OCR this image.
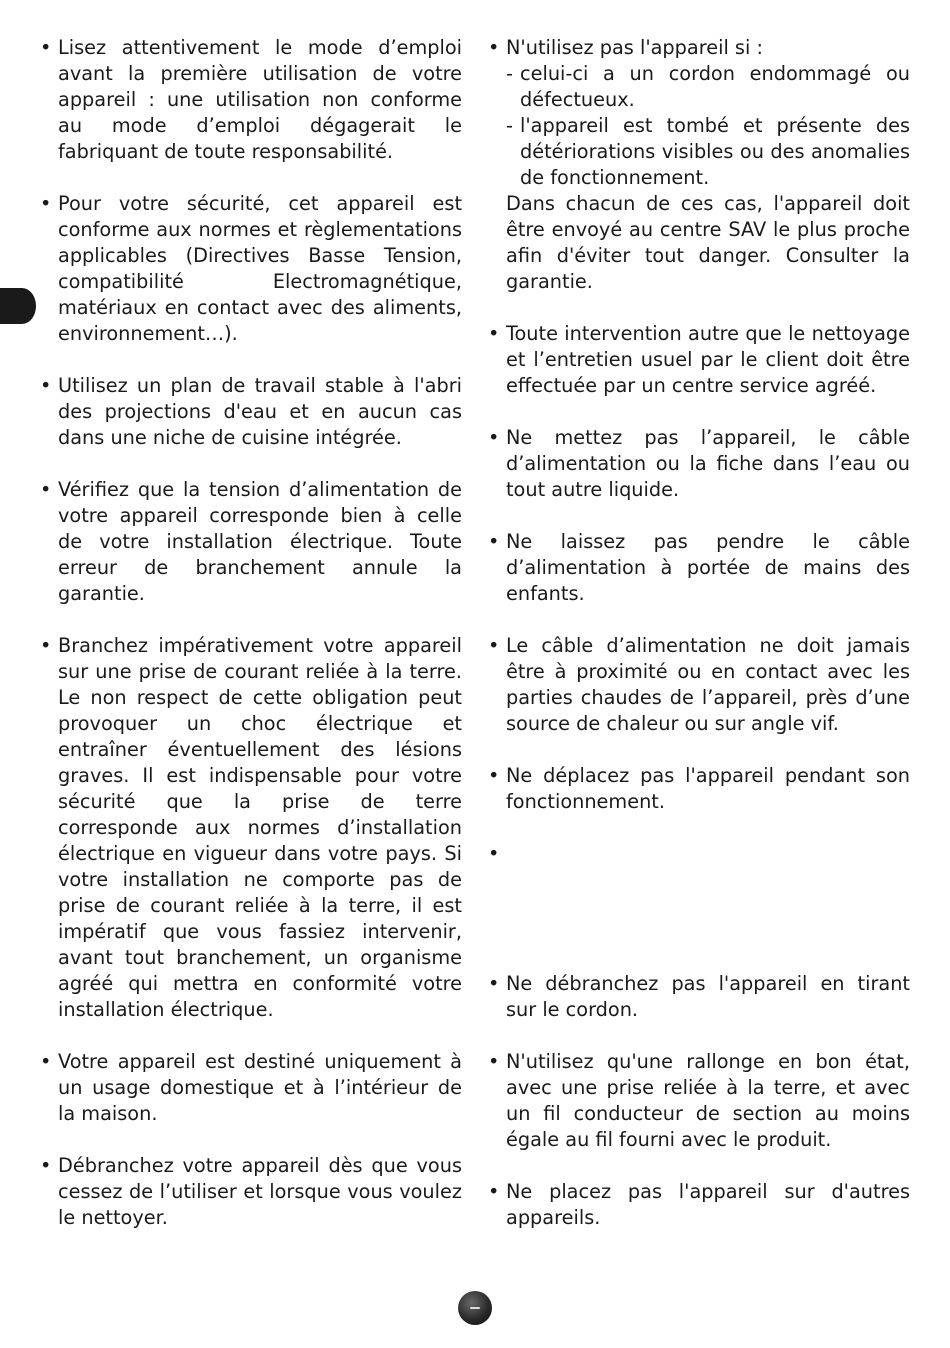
• Lisez attentivement le mode d’emploi avant la première utilisation de votre appareil : une utilisation non conforme au mode d’emploi dégagerait le fabriquant de toute responsabilité.
• Pour votre sécurité, cet appareil est conforme aux normes et règlementations applicables (Directives Basse Tension, compatibilité Electromagnétique, matériaux en contact avec des aliments, environnement…).
• Utilisez un plan de travail stable à l'abri des projections d'eau et en aucun cas dans une niche de cuisine intégrée.
• Vérifiez que la tension d’alimentation de votre appareil corresponde bien à celle de votre installation électrique. Toute erreur de branchement annule la garantie.
• Branchez impérativement votre appareil sur une prise de courant reliée à la terre. Le non respect de cette obligation peut provoquer un choc électrique et entraîner éventuellement des lésions graves. Il est indispensable pour votre sécurité que la prise de terre corresponde aux normes d’installation électrique en vigueur dans votre pays. Si votre installation ne comporte pas de prise de courant reliée à la terre, il est impératif que vous fassiez intervenir, avant tout branchement, un organisme agréé qui mettra en conformité votre installation électrique.
• Votre appareil est destiné uniquement à un usage domestique et à l’intérieur de la maison.
• Débranchez votre appareil dès que vous cessez de l’utiliser et lorsque vous voulez le nettoyer.
• N'utilisez pas l'appareil si :
- celui-ci a un cordon endommagé ou défectueux.
- l'appareil est tombé et présente des détériorations visibles ou des anomalies de fonctionnement.
Dans chacun de ces cas, l'appareil doit être envoyé au centre SAV le plus proche afin d'éviter tout danger. Consulter la garantie.
• Toute intervention autre que le nettoyage et l’entretien usuel par le client doit être effectuée par un centre service agréé.
• Ne mettez pas l’appareil, le câble d’alimentation ou la fiche dans l’eau ou tout autre liquide.
• Ne laissez pas pendre le câble d’alimentation à portée de mains des enfants.
• Le câble d’alimentation ne doit jamais être à proximité ou en contact avec les parties chaudes de l’appareil, près d’une source de chaleur ou sur angle vif.
• Ne déplacez pas l'appareil pendant son fonctionnement.
•
• Ne débranchez pas l'appareil en tirant sur le cordon.
• N'utilisez qu'une rallonge en bon état, avec une prise reliée à la terre, et avec un fil conducteur de section au moins égale au fil fourni avec le produit.
• Ne placez pas l'appareil sur d'autres appareils.
